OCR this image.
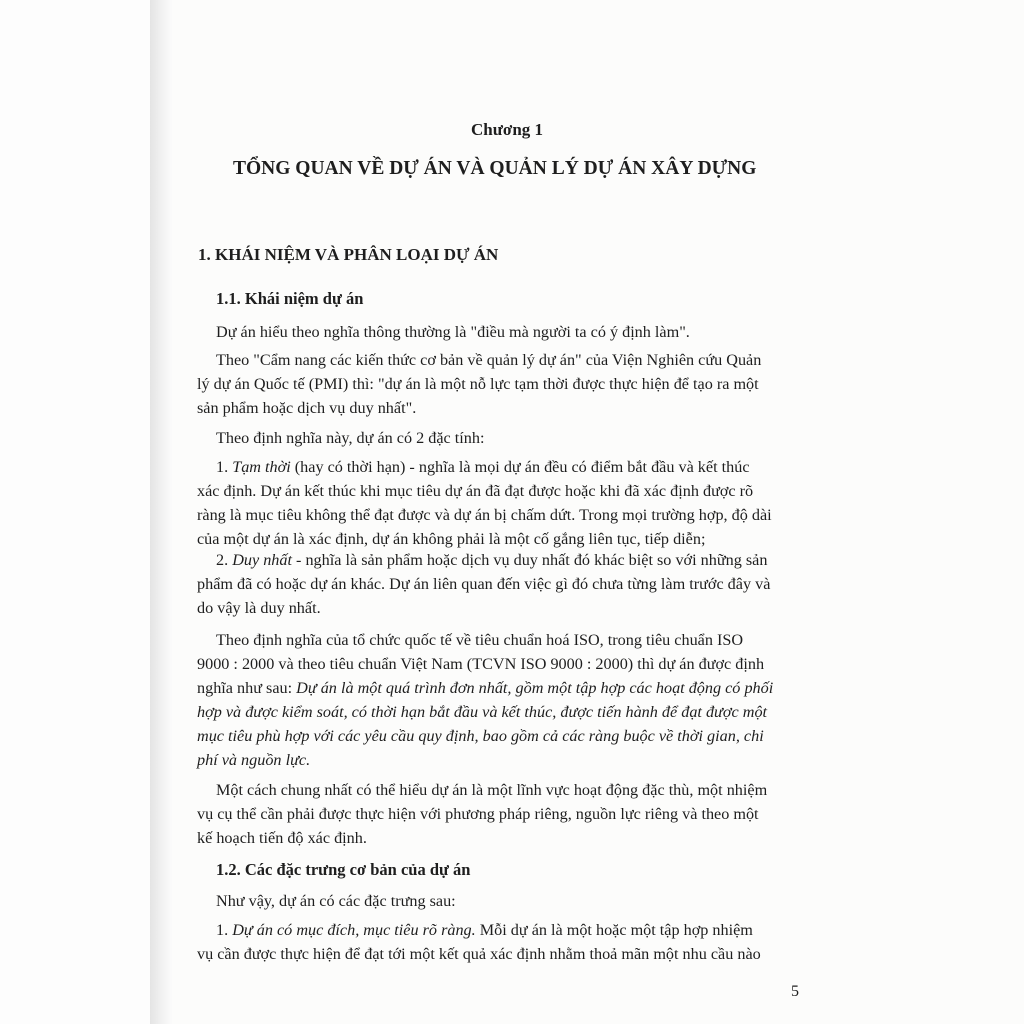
Chương 1
TỔNG QUAN VỀ DỰ ÁN VÀ QUẢN LÝ DỰ ÁN XÂY DỰNG
1. KHÁI NIỆM VÀ PHÂN LOẠI DỰ ÁN
1.1. Khái niệm dự án
Dự án hiểu theo nghĩa thông thường là "điều mà người ta có ý định làm".
Theo "Cẩm nang các kiến thức cơ bản về quản lý dự án" của Viện Nghiên cứu Quản
lý dự án Quốc tế (PMI) thì: "dự án là một nỗ lực tạm thời được thực hiện để tạo ra một
sản phẩm hoặc dịch vụ duy nhất".
Theo định nghĩa này, dự án có 2 đặc tính:
1. Tạm thời (hay có thời hạn) - nghĩa là mọi dự án đều có điểm bắt đầu và kết thúc
xác định. Dự án kết thúc khi mục tiêu dự án đã đạt được hoặc khi đã xác định được rõ
ràng là mục tiêu không thể đạt được và dự án bị chấm dứt. Trong mọi trường hợp, độ dài
của một dự án là xác định, dự án không phải là một cố gắng liên tục, tiếp diễn;
2. Duy nhất - nghĩa là sản phẩm hoặc dịch vụ duy nhất đó khác biệt so với những sản
phẩm đã có hoặc dự án khác. Dự án liên quan đến việc gì đó chưa từng làm trước đây và
do vậy là duy nhất.
Theo định nghĩa của tổ chức quốc tế về tiêu chuẩn hoá ISO, trong tiêu chuẩn ISO
9000 : 2000 và theo tiêu chuẩn Việt Nam (TCVN ISO 9000 : 2000) thì dự án được định
nghĩa như sau: Dự án là một quá trình đơn nhất, gồm một tập hợp các hoạt động có phối
hợp và được kiểm soát, có thời hạn bắt đầu và kết thúc, được tiến hành để đạt được một
mục tiêu phù hợp với các yêu cầu quy định, bao gồm cả các ràng buộc về thời gian, chi
phí và nguồn lực.
Một cách chung nhất có thể hiểu dự án là một lĩnh vực hoạt động đặc thù, một nhiệm
vụ cụ thể cần phải được thực hiện với phương pháp riêng, nguồn lực riêng và theo một
kế hoạch tiến độ xác định.
1.2. Các đặc trưng cơ bản của dự án
Như vậy, dự án có các đặc trưng sau:
1. Dự án có mục đích, mục tiêu rõ ràng. Mỗi dự án là một hoặc một tập hợp nhiệm
vụ cần được thực hiện để đạt tới một kết quả xác định nhằm thoả mãn một nhu cầu nào
5
